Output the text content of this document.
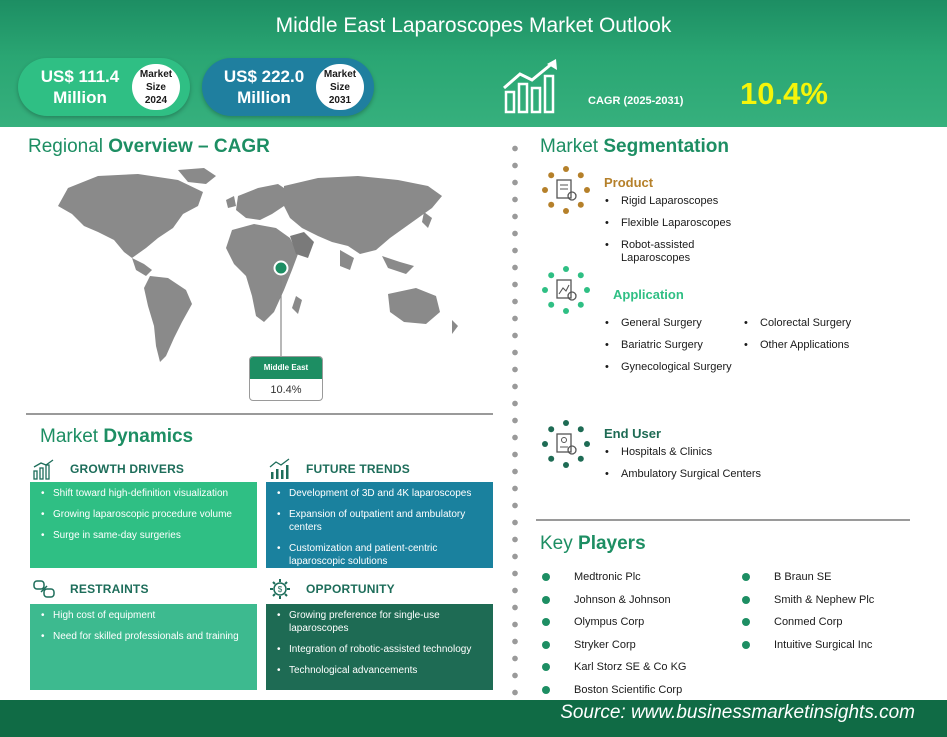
Middle East Laparoscopes Market Outlook
US$ 111.4 Million
Market
Size
2024
US$ 222.0 Million
Market
Size
2031	CAGR (2025-2031) 10.4%
Regional Overview – CAGR
Middle East
10.4%
Market Dynamics
GROWTH DRIVERS
• Shift toward high-definition visualization
• Growing laparoscopic procedure volume
• Surge in same-day surgeries
FUTURE TRENDS
• Development of 3D and 4K laparoscopes
• Expansion of outpatient and ambulatory centers
• Customization and patient-centric laparoscopic solutions
RESTRAINTS
• High cost of equipment
• Need for skilled professionals and training
$ OPPORTUNITY
• Growing preference for single-use laparoscopes
• Integration of robotic-assisted technology
• Technological advancements
Market Segmentation
Product
• Rigid Laparoscopes
• Flexible Laparoscopes
• Robot-assisted Laparoscopes
Application
• General Surgery
• Bariatric Surgery
• Gynecological Surgery
• Colorectal Surgery
• Other Applications
End User
• Hospitals & Clinics
• Ambulatory Surgical Centers
Key Players
Medtronic Plc
Johnson & Johnson
Olympus Corp
Stryker Corp
Karl Storz SE & Co KG
Boston Scientific Corp
B Braun SE
Smith & Nephew Plc
Conmed Corp
Intuitive Surgical Inc
Source: www.businessmarketinsights.com
